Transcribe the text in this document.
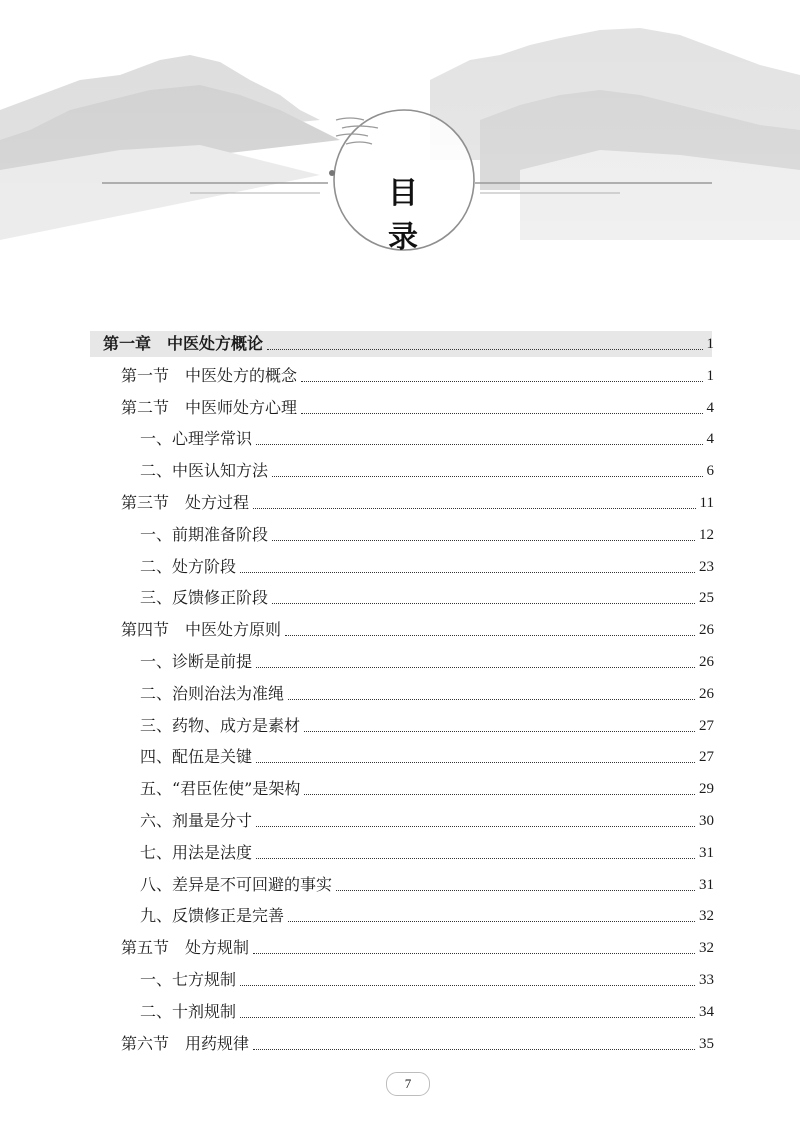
目 录
第一章　中医处方概论	1
第一节　中医处方的概念	1
第二节　中医师处方心理	4
一、心理学常识	4
二、中医认知方法	6
第三节　处方过程	11
一、前期准备阶段	12
二、处方阶段	23
三、反馈修正阶段	25
第四节　中医处方原则	26
一、诊断是前提	26
二、治则治法为准绳	26
三、药物、成方是素材	27
四、配伍是关键	27
五、“君臣佐使”是架构	29
六、剂量是分寸	30
七、用法是法度	31
八、差异是不可回避的事实	31
九、反馈修正是完善	32
第五节　处方规制	32
一、七方规制	33
二、十剂规制	34
第六节　用药规律	35
7
